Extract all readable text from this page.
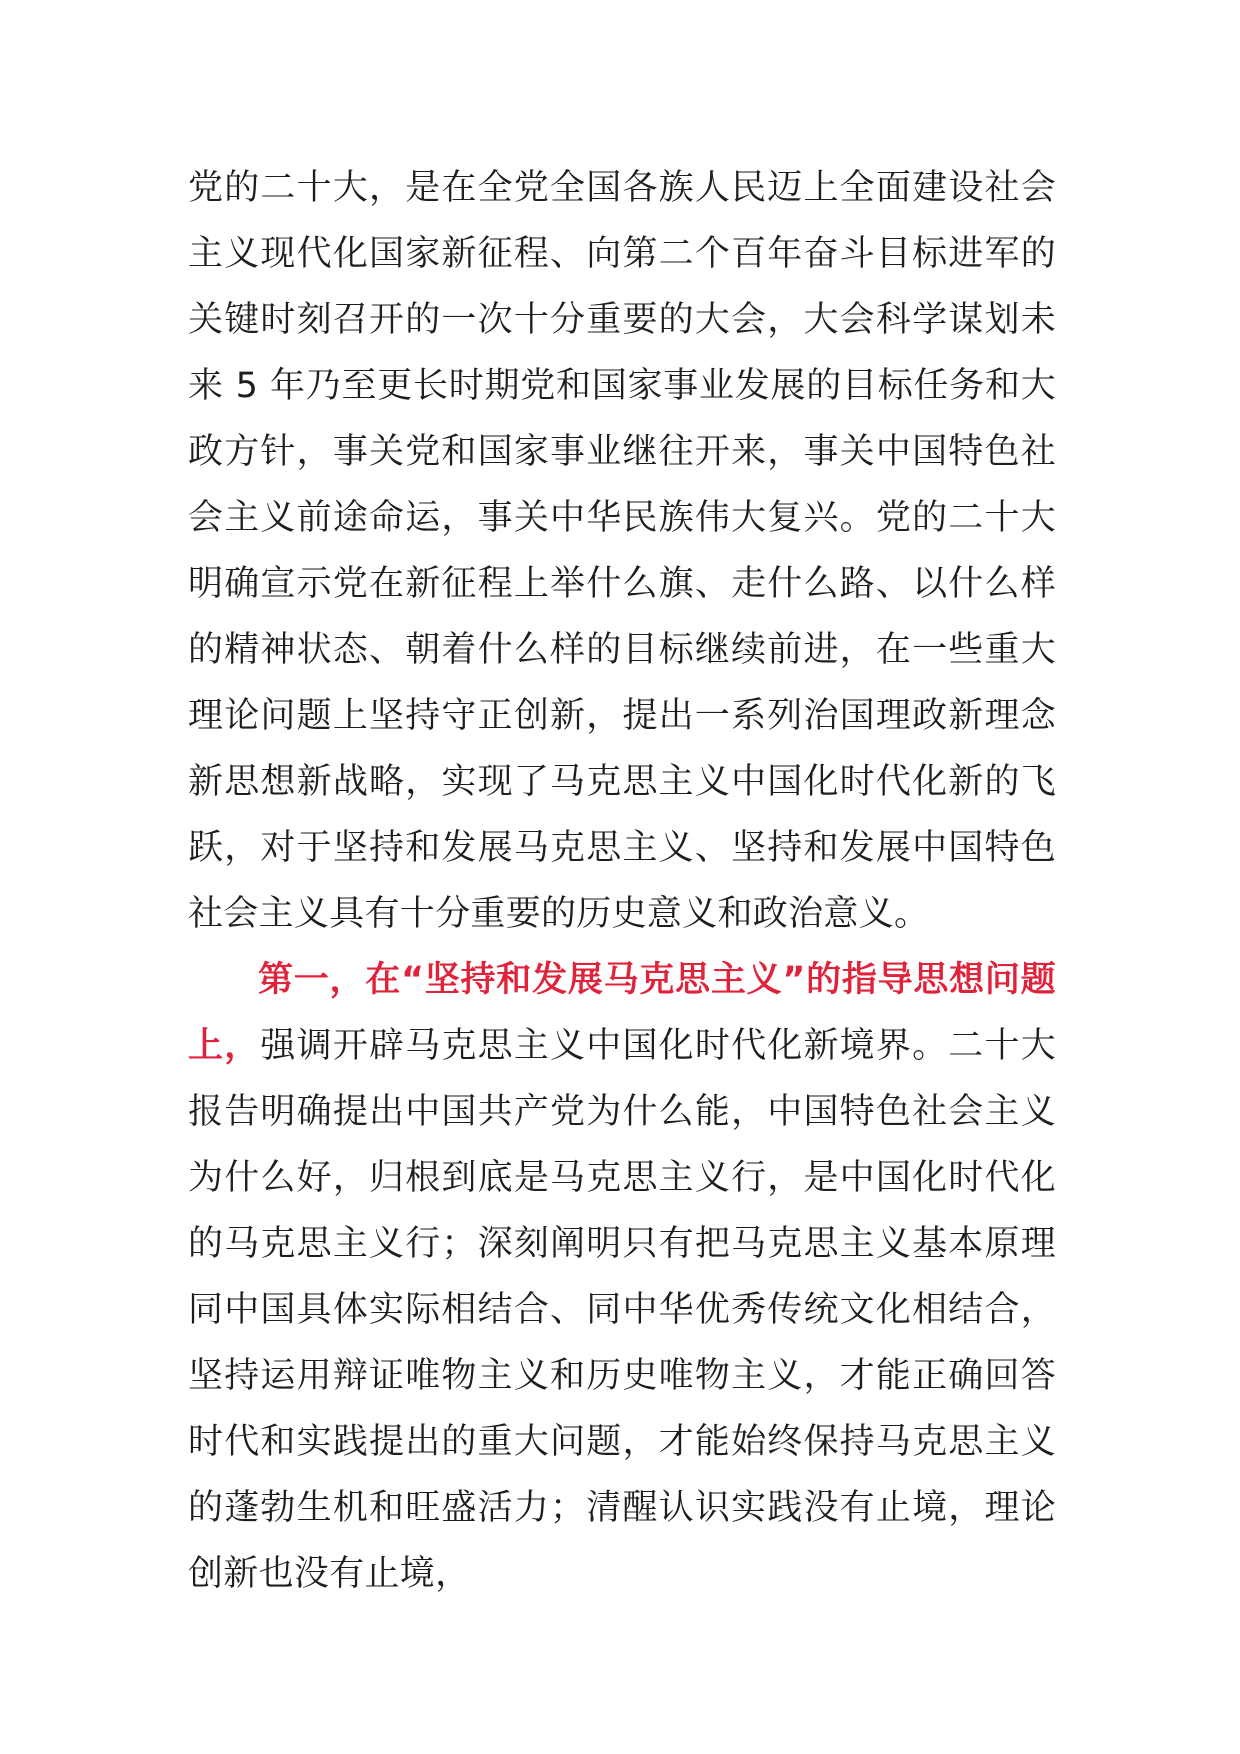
党的二十大，是在全党全国各族人民迈上全面建设社会主义现代化国家新征程、向第二个百年奋斗目标进军的关键时刻召开的一次十分重要的大会，大会科学谋划未来 5 年乃至更长时期党和国家事业发展的目标任务和大政方针，事关党和国家事业继往开来，事关中国特色社会主义前途命运，事关中华民族伟大复兴。党的二十大明确宣示党在新征程上举什么旗、走什么路、以什么样的精神状态、朝着什么样的目标继续前进，在一些重大理论问题上坚持守正创新，提出一系列治国理政新理念新思想新战略，实现了马克思主义中国化时代化新的飞跃，对于坚持和发展马克思主义、坚持和发展中国特色社会主义具有十分重要的历史意义和政治意义。

第一，在“坚持和发展马克思主义”的指导思想问题上，强调开辟马克思主义中国化时代化新境界。二十大报告明确提出中国共产党为什么能，中国特色社会主义为什么好，归根到底是马克思主义行，是中国化时代化的马克思主义行；深刻阐明只有把马克思主义基本原理同中国具体实际相结合、同中华优秀传统文化相结合，坚持运用辩证唯物主义和历史唯物主义，才能正确回答时代和实践提出的重大问题，才能始终保持马克思主义的蓬勃生机和旺盛活力；清醒认识实践没有止境，理论创新也没有止境，
